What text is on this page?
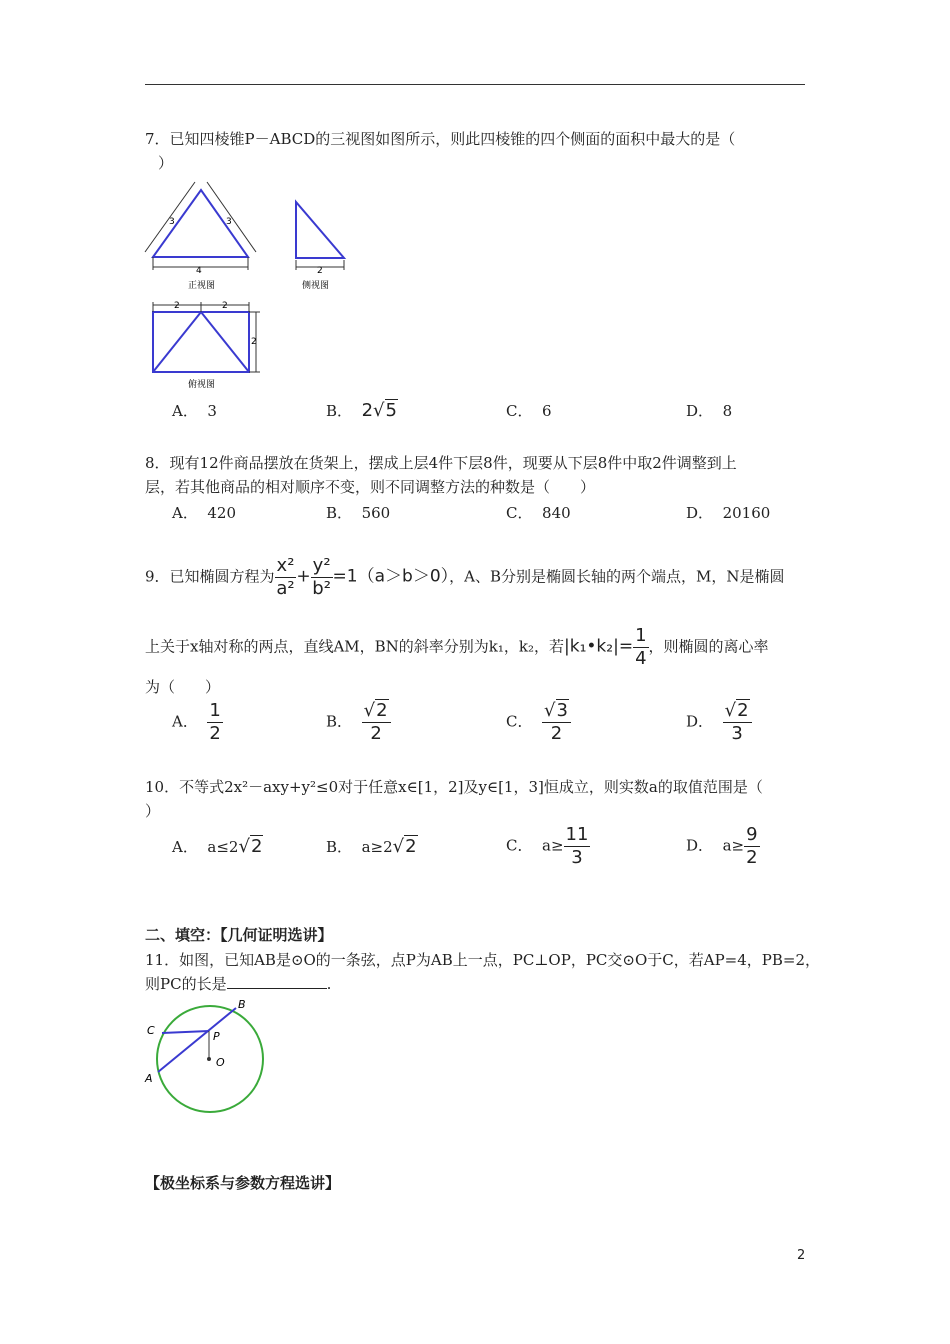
7．已知四棱锥P－ABCD的三视图如图所示，则此四棱锥的四个侧面的面积中最大的是（
）
4
3	3
正视图
2
侧视图
2	2
2
俯视图
A． 3	B． 2√5	C． 6	D． 8
8．现有12件商品摆放在货架上，摆成上层4件下层8件，现要从下层8件中取2件调整到上
层，若其他商品的相对顺序不变，则不同调整方法的种数是（　　）
A． 420	B． 560	C． 840	D． 20160
9．已知椭圆方程为 $\frac{\text{x²}}{\text{a²}} + \frac{\text{y²}}{\text{b²}} =1(a>b>0)$，A、B分别是椭圆长轴的两个端点，M，N是椭圆
上关于x轴对称的两点，直线AM，BN的斜率分别为k₁，k₂，若|k₁•k₂|= $\frac{1}{4}$ ，则椭圆的离心率
为（　　）
A． $\frac{1}{2}$	B． $\frac{√2}{2}$	C． $\frac{√3}{2}$	D． $\frac{√2}{3}$
10．不等式2x²－axy+y²≤0对于任意x∈[1，2]及y∈[1，3]恒成立，则实数a的取值范围是（
）
A． a≤2√2	B． a≥2√2	C． $a\ge \frac{11}{3}$	D． $a\ge \frac{9}{2}$
二、填空：【几何证明选讲】
11．如图，已知AB是⊙O的一条弦，点P为AB上一点，PC⊥OP，PC交⊙O于C，若AP=4，PB=2，
则PC的长是	.
B
C	P
O
A
【极坐标系与参数方程选讲】
2
